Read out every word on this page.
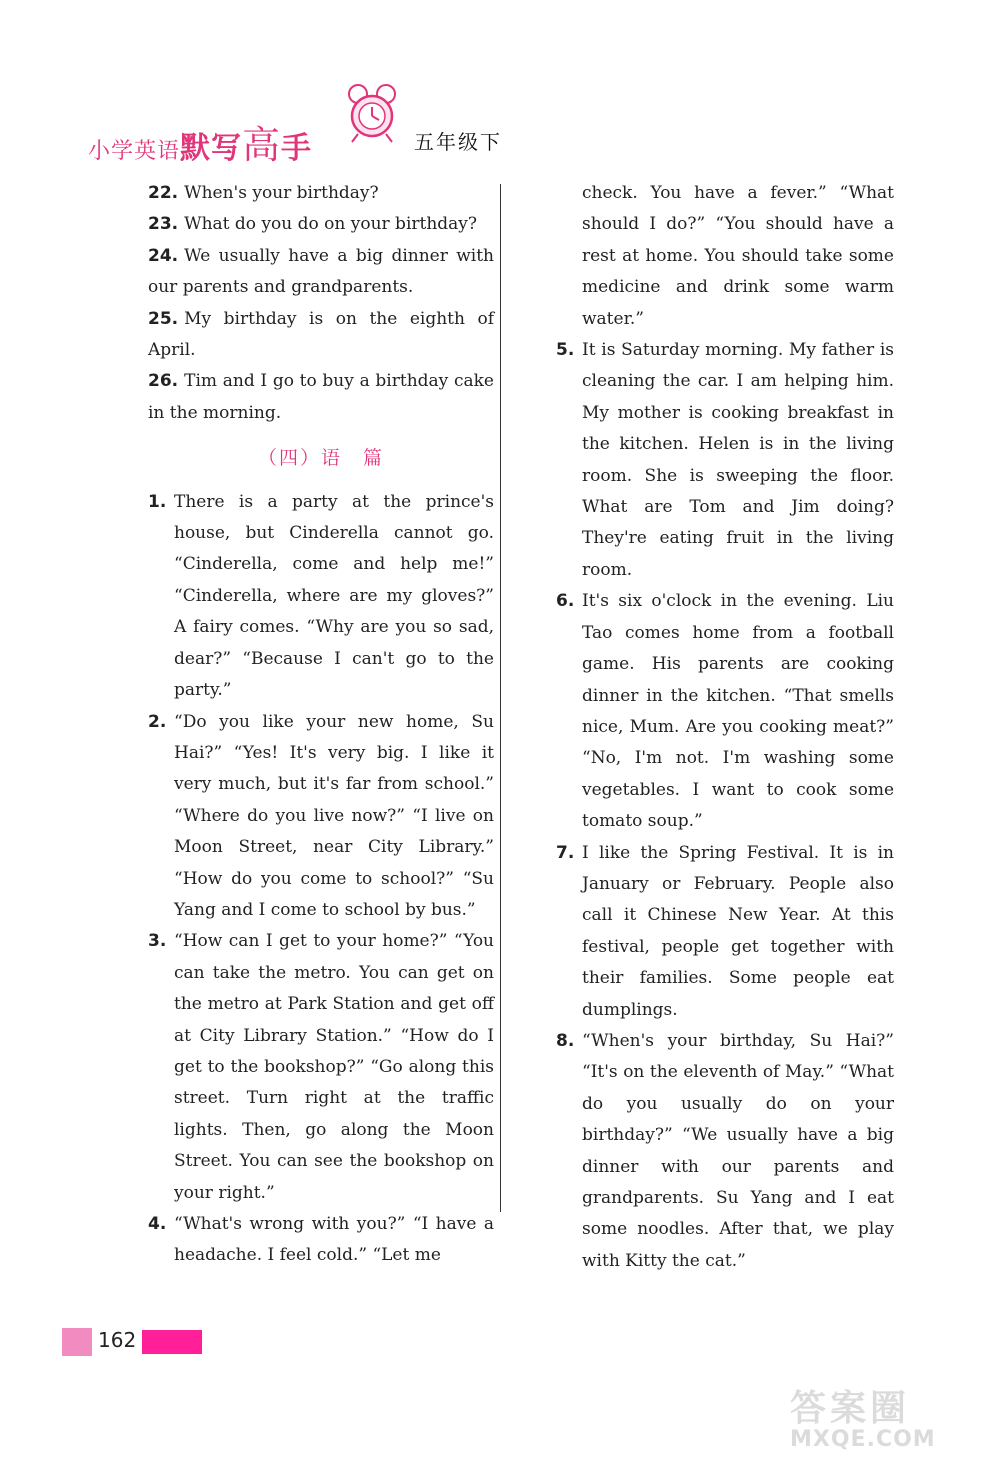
小学英语默写高手	五年级下
22. When's your birthday?
23. What do you do on your birthday?
24. We usually have a big dinner with our parents and grandparents.
25. My birthday is on the eighth of April.
26. Tim and I go to buy a birthday cake in the morning.
（四）语　篇
1. There is a party at the prince's house, but Cinderella cannot go. “Cinderella, come and help me!” “Cinderella, where are my gloves?” A fairy comes. “Why are you so sad, dear?” “Because I can't go to the party.”
2. “Do you like your new home, Su Hai?” “Yes! It's very big. I like it very much, but it's far from school.” “Where do you live now?” “I live on Moon Street, near City Library.” “How do you come to school?” “Su Yang and I come to school by bus.”
3. “How can I get to your home?” “You can take the metro. You can get on the metro at Park Station and get off at City Library Station.” “How do I get to the bookshop?” “Go along this street. Turn right at the traffic lights. Then, go along the Moon Street. You can see the bookshop on your right.”
4. “What's wrong with you?” “I have a headache. I feel cold.” “Let me
check. You have a fever.” “What should I do?” “You should have a rest at home. You should take some medicine and drink some warm water.”
5. It is Saturday morning. My father is cleaning the car. I am helping him. My mother is cooking breakfast in the kitchen. Helen is in the living room. She is sweeping the floor. What are Tom and Jim doing? They're eating fruit in the living room.
6. It's six o'clock in the evening. Liu Tao comes home from a football game. His parents are cooking dinner in the kitchen. “That smells nice, Mum. Are you cooking meat?” “No, I'm not. I'm washing some vegetables. I want to cook some tomato soup.”
7. I like the Spring Festival. It is in January or February. People also call it Chinese New Year. At this festival, people get together with their families. Some people eat dumplings.
8. “When's your birthday, Su Hai?” “It's on the eleventh of May.” “What do you usually do on your birthday?” “We usually have a big dinner with our parents and grandparents. Su Yang and I eat some noodles. After that, we play with Kitty the cat.”
162
答案圈
MXQE.COM
